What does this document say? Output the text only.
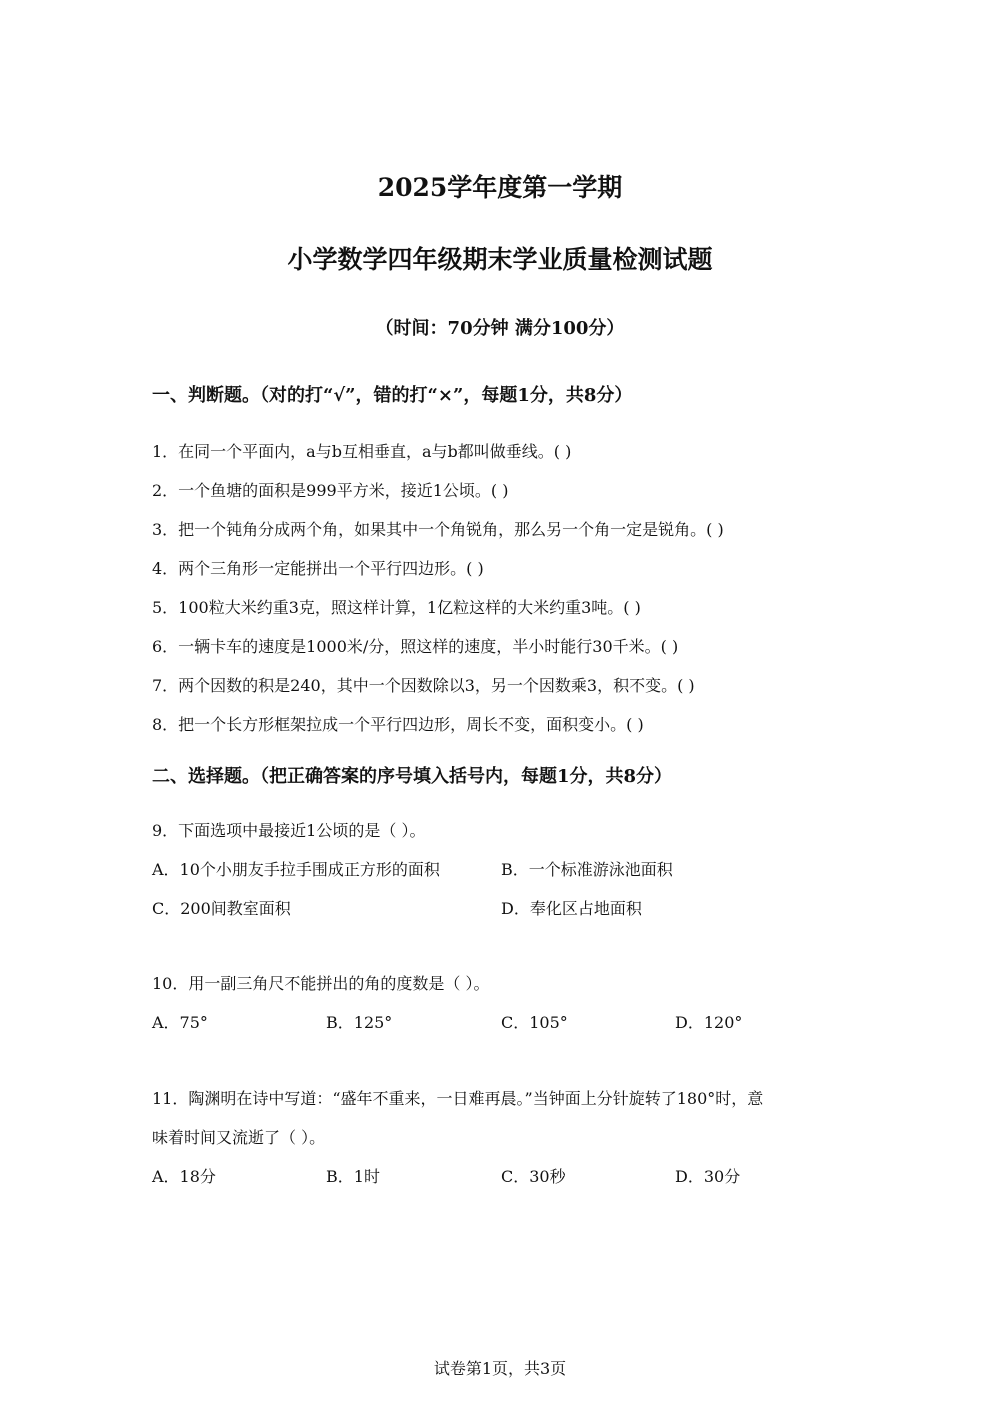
2025学年度第一学期
小学数学四年级期末学业质量检测试题
（时间：70分钟 满分100分）
一、判断题。（对的打“√”，错的打“×”，每题1分，共8分）
1．在同一个平面内，a与b互相垂直，a与b都叫做垂线。( )
2．一个鱼塘的面积是999平方米，接近1公顷。( )
3．把一个钝角分成两个角，如果其中一个角锐角，那么另一个角一定是锐角。( )
4．两个三角形一定能拼出一个平行四边形。( )
5．100粒大米约重3克，照这样计算，1亿粒这样的大米约重3吨。( )
6．一辆卡车的速度是1000米/分，照这样的速度，半小时能行30千米。( )
7．两个因数的积是240，其中一个因数除以3，另一个因数乘3，积不变。( )
8．把一个长方形框架拉成一个平行四边形，周长不变，面积变小。( )
二、选择题。（把正确答案的序号填入括号内，每题1分，共8分）
9．下面选项中最接近1公顷的是（ ）。
A．10个小朋友手拉手围成正方形的面积	B．一个标准游泳池面积
C．200间教室面积	D．奉化区占地面积
10．用一副三角尺不能拼出的角的度数是（ ）。
A．75°	B．125°	C．105°	D．120°
11．陶渊明在诗中写道：“盛年不重来，一日难再晨。”当钟面上分针旋转了180°时，意
味着时间又流逝了（ ）。
A．18分	B．1时	C．30秒	D．30分
试卷第1页，共3页
